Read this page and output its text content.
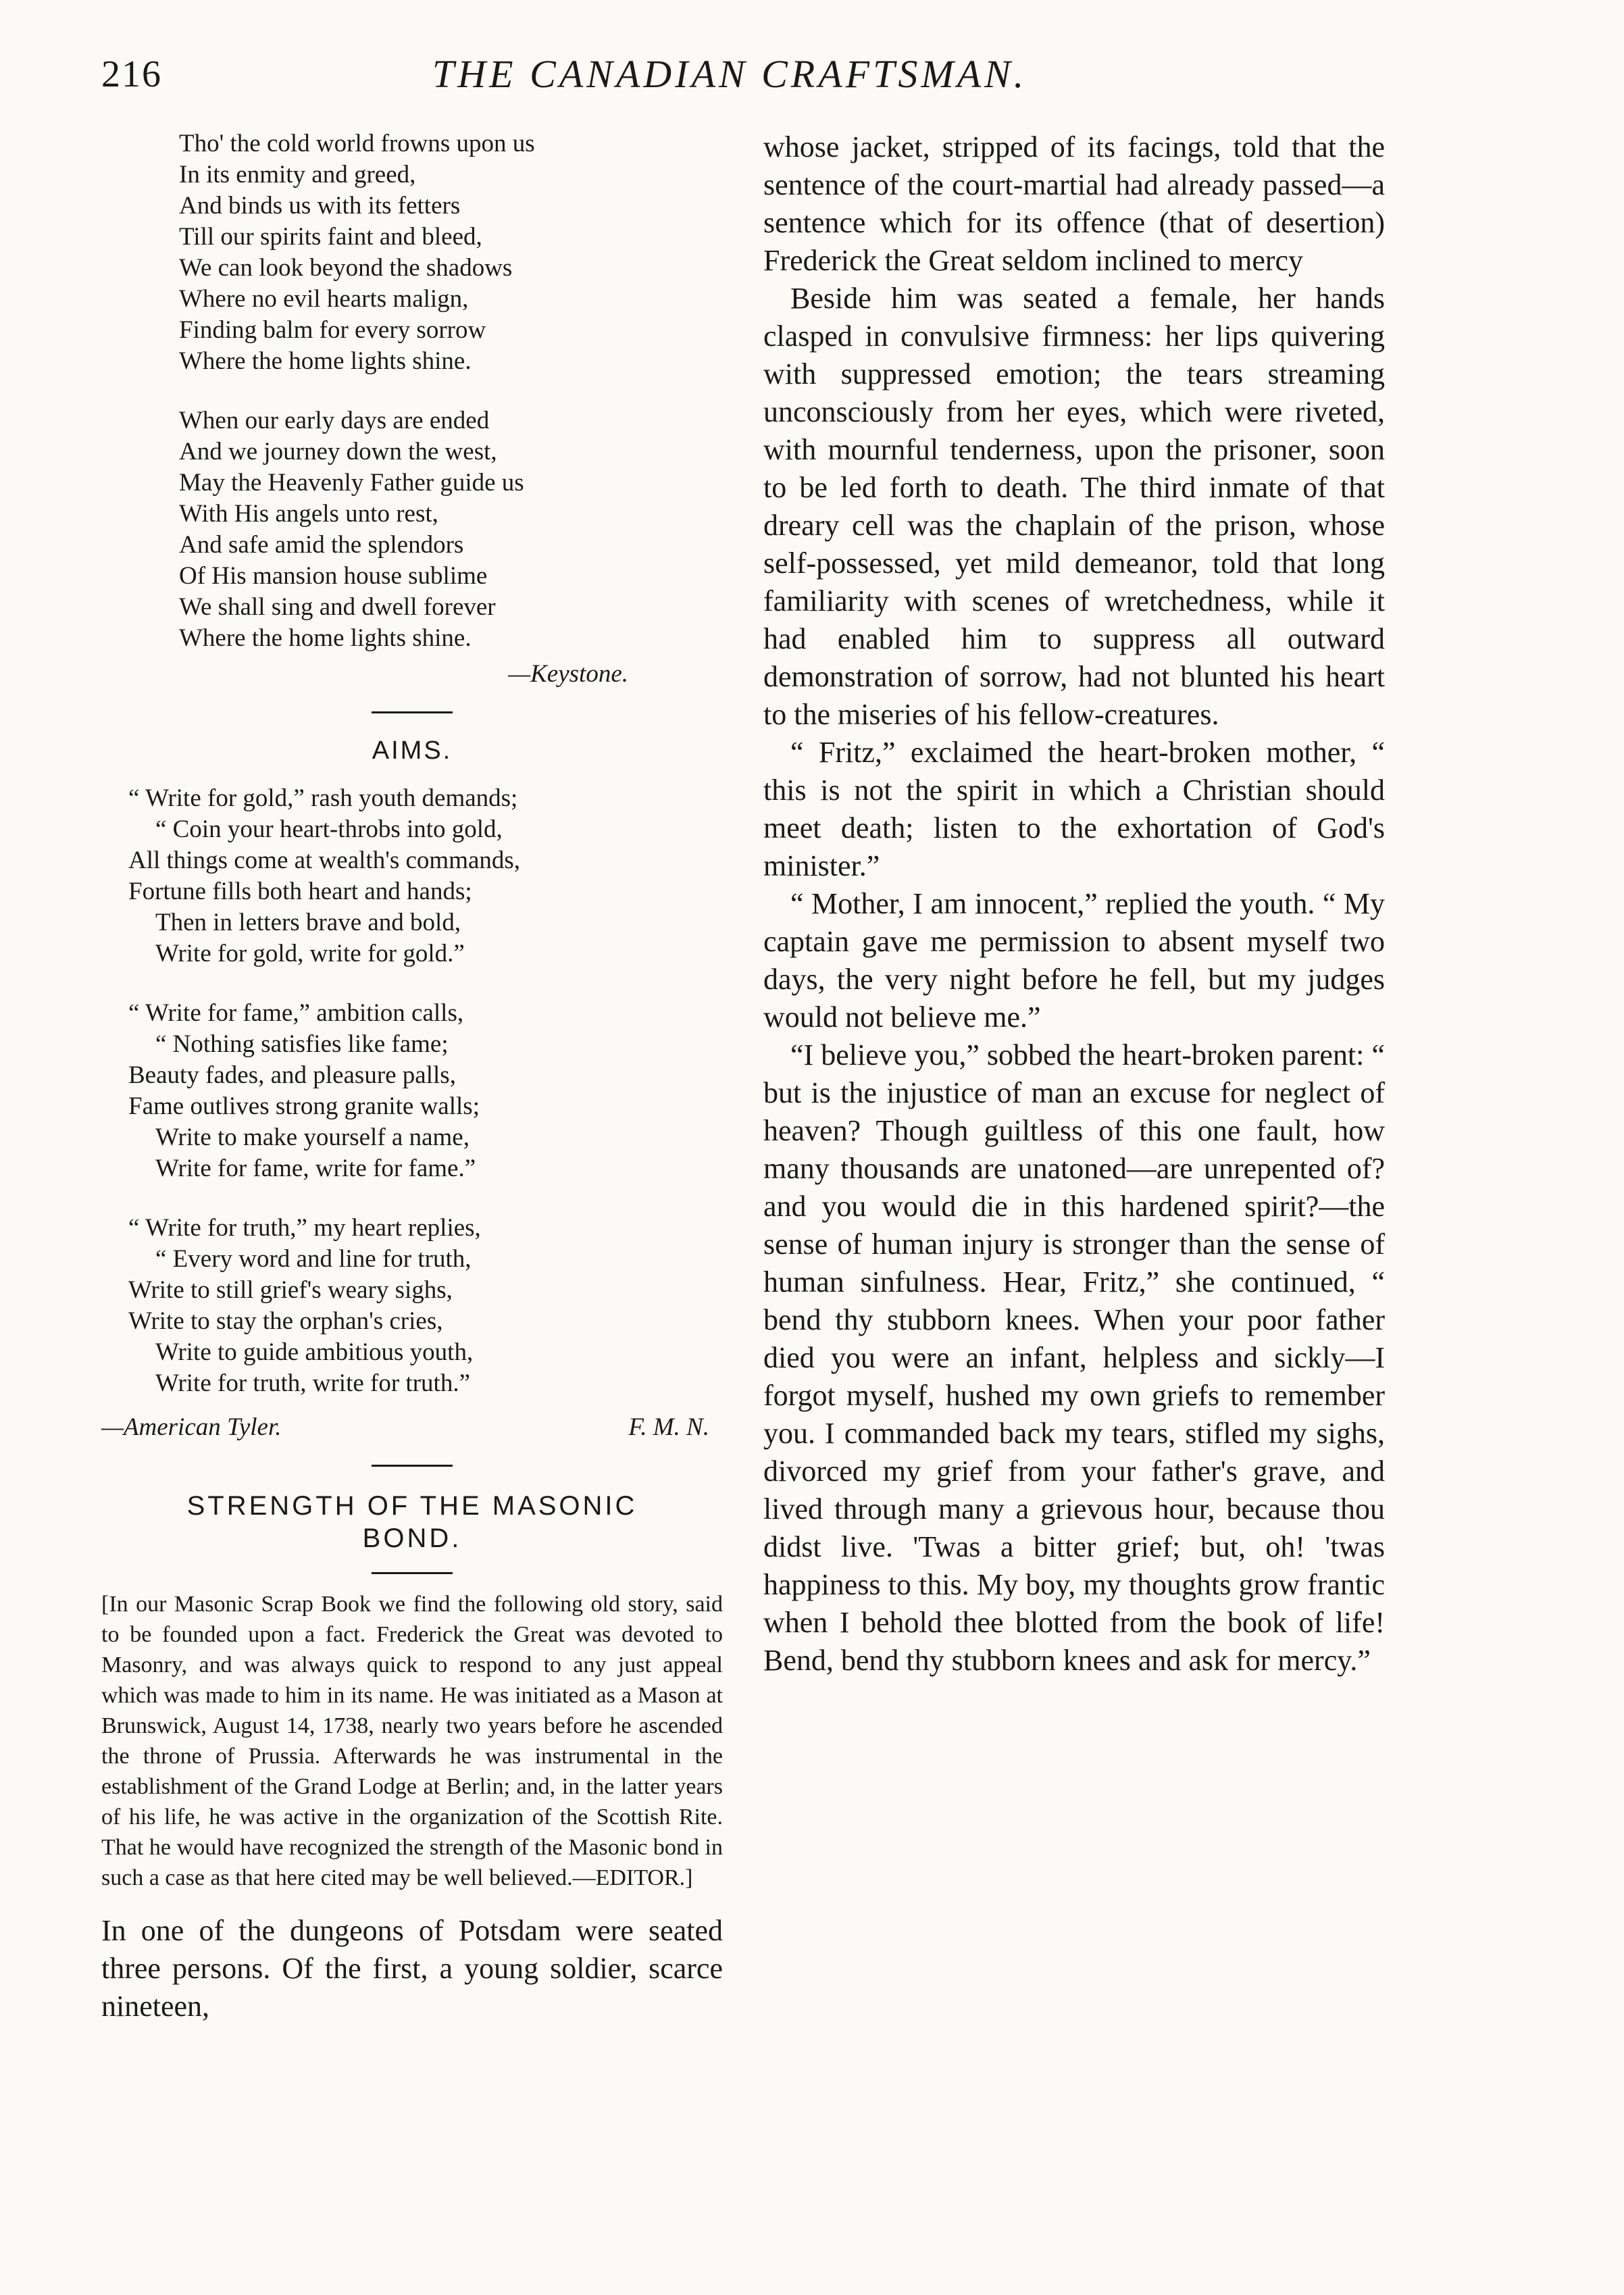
216	THE CANADIAN CRAFTSMAN.
Tho' the cold world frowns upon us
In its enmity and greed,
And binds us with its fetters
Till our spirits faint and bleed,
We can look beyond the shadows
Where no evil hearts malign,
Finding balm for every sorrow
Where the home lights shine.
When our early days are ended
And we journey down the west,
May the Heavenly Father guide us
With His angels unto rest,
And safe amid the splendors
Of His mansion house sublime
We shall sing and dwell forever
Where the home lights shine.
—Keystone.
AIMS.
“ Write for gold,” rash youth demands;
“ Coin your heart-throbs into gold,
All things come at wealth's commands,
Fortune fills both heart and hands;
Then in letters brave and bold,
Write for gold, write for gold.”
“ Write for fame,” ambition calls,
“ Nothing satisfies like fame;
Beauty fades, and pleasure palls,
Fame outlives strong granite walls;
Write to make yourself a name,
Write for fame, write for fame.”
“ Write for truth,” my heart replies,
“ Every word and line for truth,
Write to still grief's weary sighs,
Write to stay the orphan's cries,
Write to guide ambitious youth,
Write for truth, write for truth.”
—American Tyler.	F. M. N.
STRENGTH OF THE MASONIC
BOND.

[In our Masonic Scrap Book we find the following old story, said to be founded upon a fact. Frederick the Great was devoted to Masonry, and was always quick to respond to any just appeal which was made to him in its name. He was initiated as a Mason at Brunswick, August 14, 1738, nearly two years before he ascended the throne of Prussia. Afterwards he was instrumental in the establishment of the Grand Lodge at Berlin; and, in the latter years of his life, he was active in the organization of the Scottish Rite. That he would have recognized the strength of the Masonic bond in such a case as that here cited may be well believed.—EDITOR.]

In one of the dungeons of Potsdam were seated three persons. Of the first, a young soldier, scarce nineteen,

whose jacket, stripped of its facings, told that the sentence of the court-martial had already passed—a sentence which for its offence (that of desertion) Frederick the Great seldom inclined to mercy

Beside him was seated a female, her hands clasped in convulsive firmness: her lips quivering with suppressed emotion; the tears streaming unconsciously from her eyes, which were riveted, with mournful tenderness, upon the prisoner, soon to be led forth to death. The third inmate of that dreary cell was the chaplain of the prison, whose self-possessed, yet mild demeanor, told that long familiarity with scenes of wretchedness, while it had enabled him to suppress all outward demonstration of sorrow, had not blunted his heart to the miseries of his fellow-creatures.

“ Fritz,” exclaimed the heart-broken mother, “ this is not the spirit in which a Christian should meet death; listen to the exhortation of God's minister.”

“ Mother, I am innocent,” replied the youth. “ My captain gave me permission to absent myself two days, the very night before he fell, but my judges would not believe me.”

“I believe you,” sobbed the heart-broken parent: “ but is the injustice of man an excuse for neglect of heaven? Though guiltless of this one fault, how many thousands are unatoned—are unrepented of? and you would die in this hardened spirit?—the sense of human injury is stronger than the sense of human sinfulness. Hear, Fritz,” she continued, “ bend thy stubborn knees. When your poor father died you were an infant, helpless and sickly—I forgot myself, hushed my own griefs to remember you. I commanded back my tears, stifled my sighs, divorced my grief from your father's grave, and lived through many a grievous hour, because thou didst live. 'Twas a bitter grief; but, oh! 'twas happiness to this. My boy, my thoughts grow frantic when I behold thee blotted from the book of life! Bend, bend thy stubborn knees and ask for mercy.”
